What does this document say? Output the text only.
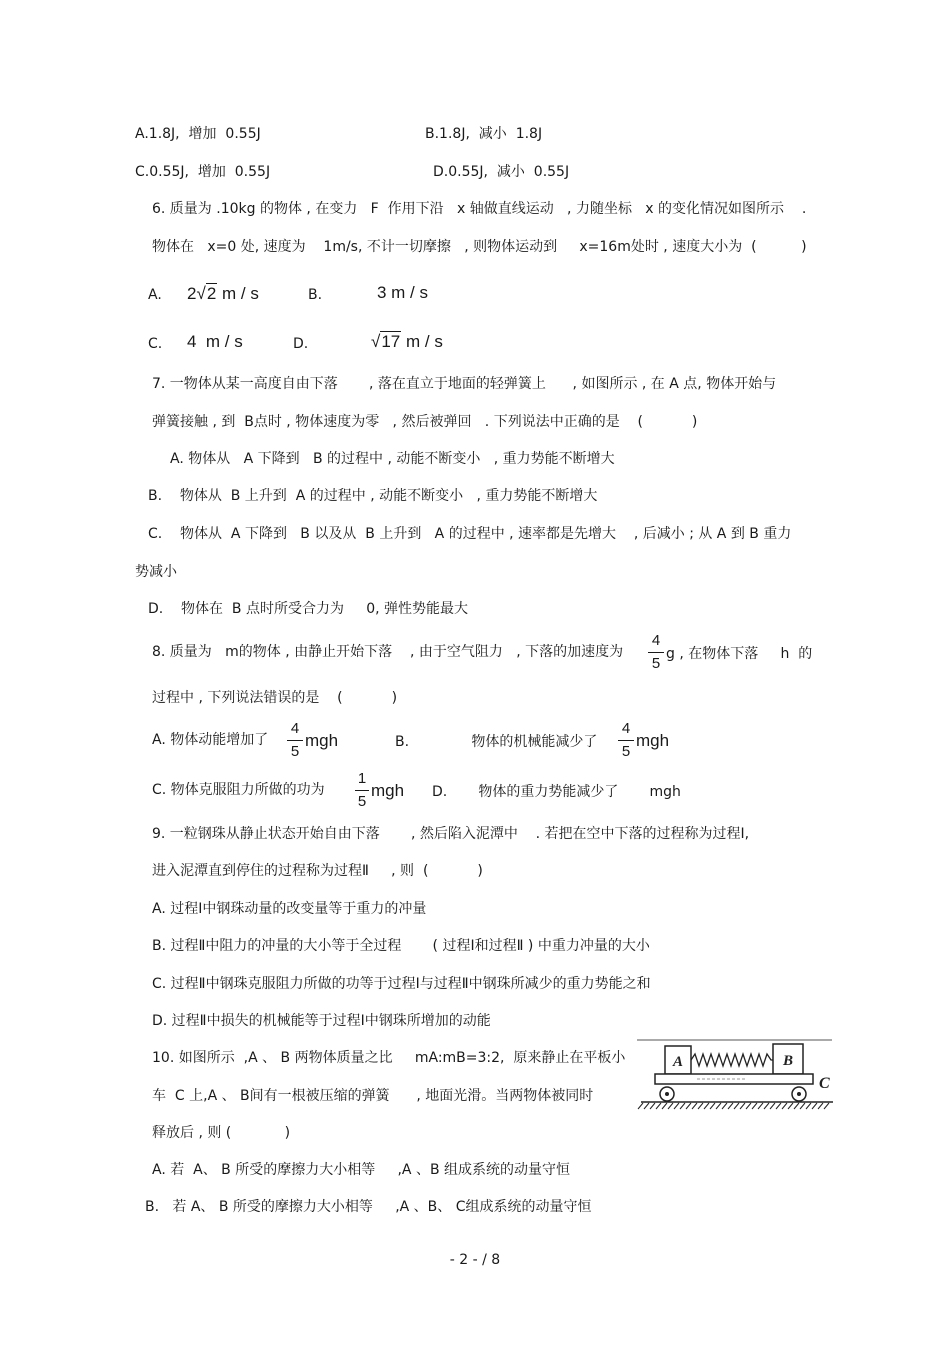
A.1.8J,  增加  0.55J	B.1.8J,  减小  1.8J
C.0.55J,  增加  0.55J	D.0.55J,  减小  0.55J
6. 质量为 .10kg 的物体 , 在变力   F  作用下沿   x 轴做直线运动   , 力随坐标   x 的变化情况如图所示    .
物体在   x=0 处, 速度为    1m/s, 不计一切摩擦   , 则物体运动到     x=16m处时 , 速度大小为  (          )
A. 2√2 m / s	B.	3 m / s
C. 4  m / s	D.	√17 m / s
7. 一物体从某一高度自由下落       , 落在直立于地面的轻弹簧上      , 如图所示 , 在 A 点, 物体开始与
弹簧接触 , 到  B点时 , 物体速度为零   , 然后被弹回   . 下列说法中正确的是    (           )
A. 物体从   A 下降到   B 的过程中 , 动能不断变小   , 重力势能不断增大
B.    物体从  B 上升到  A 的过程中 , 动能不断变小   , 重力势能不断增大
C.    物体从  A 下降到   B 以及从  B 上升到   A 的过程中 , 速率都是先增大    , 后减小 ; 从 A 到 B 重力
势减小
D.    物体在  B 点时所受合力为     0, 弹性势能最大
8. 质量为   m的物体 , 由静止开始下落    , 由于空气阻力   , 下落的加速度为
4
5
g , 在物体下落     h  的
过程中 , 下列说法错误的是    (           )
A. 物体动能增加了
4
5
mgh	B.              物体的机械能减少了
4
5
mgh
C. 物体克服阻力所做的功为
1
5
mgh D.       物体的重力势能减少了       mgh
9. 一粒钢珠从静止状态开始自由下落       , 然后陷入泥潭中    . 若把在空中下落的过程称为过程Ⅰ,
进入泥潭直到停住的过程称为过程Ⅱ     , 则  (           )
A. 过程Ⅰ中钢珠动量的改变量等于重力的冲量
B. 过程Ⅱ中阻力的冲量的大小等于全过程       ( 过程Ⅰ和过程Ⅱ ) 中重力冲量的大小
C. 过程Ⅱ中钢珠克服阻力所做的功等于过程Ⅰ与过程Ⅱ中钢珠所减少的重力势能之和
D. 过程Ⅱ中损失的机械能等于过程Ⅰ中钢珠所增加的动能
10. 如图所示  ,A 、 B 两物体质量之比     mA:mB=3:2,  原来静止在平板小
车  C 上,A 、 B间有一根被压缩的弹簧      , 地面光滑。当两物体被同时
释放后 , 则 (            )
A. 若  A、 B 所受的摩擦力大小相等     ,A 、B 组成系统的动量守恒
B.   若 A、 B 所受的摩擦力大小相等     ,A 、B、 C组成系统的动量守恒
A	B
C
- 2 - / 8
